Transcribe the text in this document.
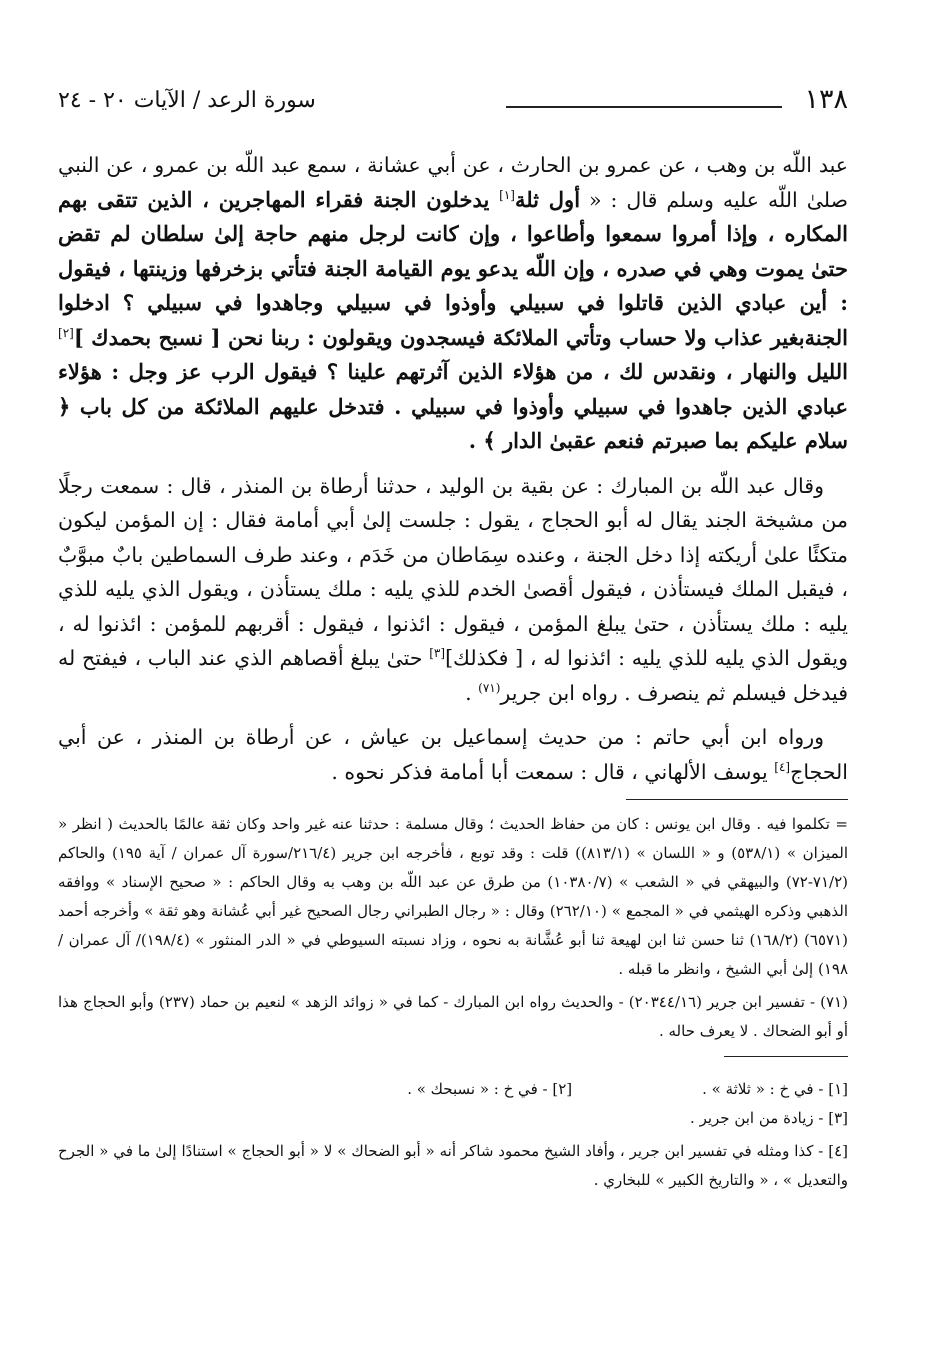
١٣٨
سورة الرعد / الآيات ٢٠ - ٢٤

عبد اللّه بن وهب ، عن عمرو بن الحارث ، عن أبي عشانة ، سمع عبد اللّه بن عمرو ، عن النبي صلىٰ اللّه عليه وسلم قال : « أول ثلة[١] يدخلون الجنة فقراء المهاجرين ، الذين تتقى بهم المكاره ، وإذا أمروا سمعوا وأطاعوا ، وإن كانت لرجل منهم حاجة إلىٰ سلطان لم تقض حتىٰ يموت وهي في صدره ، وإن اللّه يدعو يوم القيامة الجنة فتأتي بزخرفها وزينتها ، فيقول : أين عبادي الذين قاتلوا في سبيلي وأوذوا في سبيلي وجاهدوا في سبيلي ؟ ادخلوا الجنةبغير عذاب ولا حساب وتأتي الملائكة فيسجدون ويقولون : ربنا نحن [ نسبح بحمدك ][٢] الليل والنهار ، ونقدس لك ، من هؤلاء الذين آثرتهم علينا ؟ فيقول الرب عز وجل : هؤلاء عبادي الذين جاهدوا في سبيلي وأوذوا في سبيلي . فتدخل عليهم الملائكة من كل باب ﴿ سلام عليكم بما صبرتم فنعم عقبىٰ الدار ﴾ .

وقال عبد اللّه بن المبارك : عن بقية بن الوليد ، حدثنا أرطاة بن المنذر ، قال : سمعت رجلًا من مشيخة الجند يقال له أبو الحجاج ، يقول : جلست إلىٰ أبي أمامة فقال : إن المؤمن ليكون متكئًا علىٰ أريكته إذا دخل الجنة ، وعنده سِمَاطان من خَدَم ، وعند طرف السماطين بابٌ مبوَّبٌ ، فيقبل الملك فيستأذن ، فيقول أقصىٰ الخدم للذي يليه : ملك يستأذن ، ويقول الذي يليه للذي يليه : ملك يستأذن ، حتىٰ يبلغ المؤمن ، فيقول : ائذنوا ، فيقول : أقربهم للمؤمن : ائذنوا له ، ويقول الذي يليه للذي يليه : ائذنوا له ، [ فكذلك][٣] حتىٰ يبلغ أقصاهم الذي عند الباب ، فيفتح له فيدخل فيسلم ثم ينصرف . رواه ابن جرير$^{(٧١)}$ .

ورواه ابن أبي حاتم : من حديث إسماعيل بن عياش ، عن أرطاة بن المنذر ، عن أبي الحجاج[٤] يوسف الألهاني ، قال : سمعت أبا أمامة فذكر نحوه .

= تكلموا فيه . وقال ابن يونس : كان من حفاظ الحديث ؛ وقال مسلمة : حدثنا عنه غير واحد وكان ثقة عالمًا بالحديث ( انظر « الميزان » (٥٣٨/١) و « اللسان » (٨١٣/١)) قلت : وقد توبع ، فأخرجه ابن جرير (٢١٦/٤/سورة آل عمران / آية ١٩٥) والحاكم (٧١/٢-٧٢) والبيهقي في « الشعب » (١٠٣٨٠/٧) من طرق عن عبد اللّه بن وهب به وقال الحاكم : « صحيح الإسناد » ووافقه الذهبي وذكره الهيثمي في « المجمع » (٢٦٢/١٠) وقال : « رجال الطبراني رجال الصحيح غير أبي عُشانة وهو ثقة » وأخرجه أحمد (٦٥٧١) (١٦٨/٢) ثنا حسن ثنا ابن لهيعة ثنا أبو عُشَّانة به نحوه ، وزاد نسبته السيوطي في « الدر المنثور » (١٩٨/٤)/ آل عمران / ١٩٨) إلىٰ أبي الشيخ ، وانظر ما قبله .

(٧١) - تفسير ابن جرير (٢٠٣٤٤/١٦) - والحديث رواه ابن المبارك - كما في « زوائد الزهد » لنعيم بن حماد (٢٣٧) وأبو الحجاج هذا أو أبو الضحاك . لا يعرف حاله .

[١] - في خ : « ثلاثة » .
[٢] - في خ : « نسبحك » .

[٣] - زيادة من ابن جرير .

[٤] - كذا ومثله في تفسير ابن جرير ، وأفاد الشيخ محمود شاكر أنه « أبو الضحاك » لا « أبو الحجاج » استنادًا إلىٰ ما في « الجرح والتعديل » ، « والتاريخ الكبير » للبخاري .
